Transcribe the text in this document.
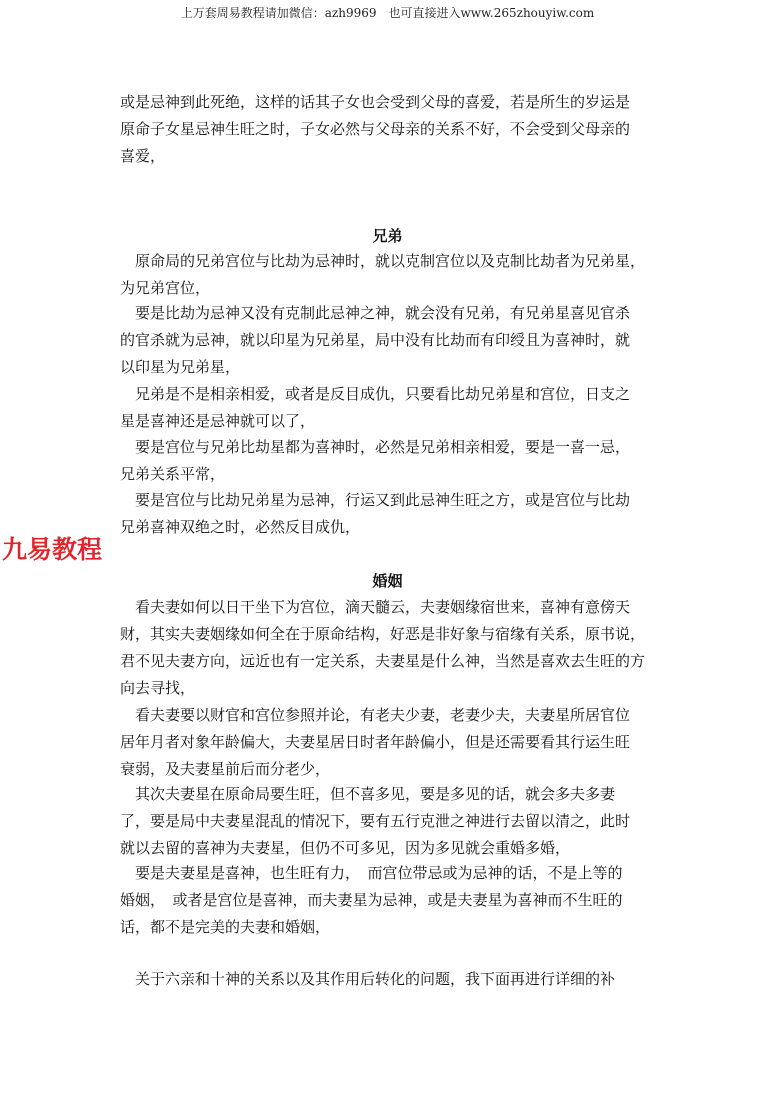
上万套周易教程请加微信：azh9969　也可直接进入www.265zhouyiw.com
九易教程
或是忌神到此死绝，这样的话其子女也会受到父母的喜爱，若是所生的岁运是
原命子女星忌神生旺之时，子女必然与父母亲的关系不好，不会受到父母亲的
喜爱，
兄弟
　原命局的兄弟宫位与比劫为忌神时，就以克制宫位以及克制比劫者为兄弟星，
为兄弟宫位，
　要是比劫为忌神又没有克制此忌神之神，就会没有兄弟，有兄弟星喜见官杀
的官杀就为忌神，就以印星为兄弟星，局中没有比劫而有印绶且为喜神时，就
以印星为兄弟星，
　兄弟是不是相亲相爱，或者是反目成仇，只要看比劫兄弟星和宫位，日支之
星是喜神还是忌神就可以了，
　要是宫位与兄弟比劫星都为喜神时，必然是兄弟相亲相爱，要是一喜一忌，
兄弟关系平常，
　要是宫位与比劫兄弟星为忌神，行运又到此忌神生旺之方，或是宫位与比劫
兄弟喜神双绝之时，必然反目成仇，
婚姻
　看夫妻如何以日干坐下为宫位，滴天髓云，夫妻姻缘宿世来，喜神有意傍天
财，其实夫妻姻缘如何全在于原命结构，好恶是非好象与宿缘有关系，原书说，
君不见夫妻方向，远近也有一定关系，夫妻星是什么神，当然是喜欢去生旺的方
向去寻找，
　看夫妻要以财官和宫位参照并论，有老夫少妻，老妻少夫，夫妻星所居官位
居年月者对象年龄偏大，夫妻星居日时者年龄偏小，但是还需要看其行运生旺
衰弱，及夫妻星前后而分老少，
　其次夫妻星在原命局要生旺，但不喜多见，要是多见的话，就会多夫多妻
了，要是局中夫妻星混乱的情况下，要有五行克泄之神进行去留以清之，此时
就以去留的喜神为夫妻星，但仍不可多见，因为多见就会重婚多婚，
　要是夫妻星是喜神，也生旺有力，　而宫位带忌或为忌神的话，不是上等的
婚姻，　或者是宫位是喜神，而夫妻星为忌神，或是夫妻星为喜神而不生旺的
话，都不是完美的夫妻和婚姻，
　关于六亲和十神的关系以及其作用后转化的问题，我下面再进行详细的补
